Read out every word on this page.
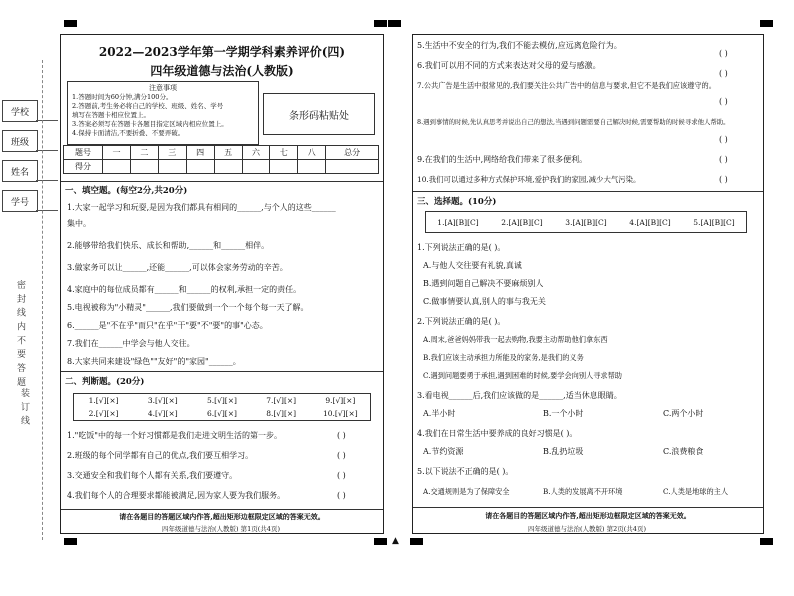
▲
学校
班级
姓名
学号
密 封 线 内 不 要 答 题
装 订 线
2022—2023学年第一学期学科素养评价(四)
四年级道德与法治(人教版)
注意事项
1.答题时间为60分钟,满分100分。
2.答题前,考生务必将自己的学校、班级、姓名、学号
填写在答题卡相应位置上。
3.答案必须写在答题卡各题目指定区域内相应位置上。
4.保持卡面清洁,不要折叠、不要弄破。
条形码粘贴处
题号	一	二	三	四	五	六	七	八	总分
得分									
一、填空题。(每空2分,共20分)
1.大家一起学习和玩耍,是因为我们都具有相同的______,与个人的这些______
集中。
2.能够带给我们快乐、成长和帮助,______和______相伴。
3.做家务可以让______,还能______,可以体会家务劳动的辛苦。
4.家庭中的每位成员都有______和______的权利,承担一定的责任。
5.电视被称为"小精灵"______,我们要做到一个一个每个每一天了解。
6.______是"不在乎"而只"在乎"干"要"不"要"的事"心态。
7.我们在______中学会与他人交往。
8.大家共同来建设"绿色""友好"的"家园"______。
二、判断题。(20分)
1.[√][×]	3.[√][×]	5.[√][×]	7.[√][×]	9.[√][×]
2.[√][×]	4.[√][×]	6.[√][×]	8.[√][×]	10.[√][×]
1."吃饭"中的每一个好习惯都是我们走进文明生活的第一步。	( )
2.班级的每个同学都有自己的优点,我们要互相学习。	( )
3.交通安全和我们每个人都有关系,我们要遵守。	( )
4.我们每个人的合理要求都能被满足,因为家人要为我们服务。	( )
请在各题目的答题区域内作答,超出矩形边框限定区域的答案无效。
四年级道德与法治(人教版) 第1页(共4页)
5.生活中不安全的行为,我们不能去模仿,应远离危险行为。
( )
6.我们可以用不同的方式来表达对父母的爱与感激。
( )
7.公共广告是生活中很常见的,我们要关注公共广告中的信息与要求,但它不是我们应该遵守的。
( )
8.遇到事情的时候,先认真思考并说出自己的想法,当遇到问题需要自己解决时候,需要帮助的时候寻求他人帮助。
( )
9.在我们的生活中,网络给我们带来了很多便利。	( )
10.我们可以通过多种方式保护环境,爱护我们的家园,减少大气污染。	( )
三、选择题。(10分)
1.[A][B][C]	2.[A][B][C]	3.[A][B][C]	4.[A][B][C]	5.[A][B][C]
1.下列说法正确的是( )。
A.与他人交往要有礼貌,真诚
B.遇到问题自己解决不要麻烦别人
C.做事情要认真,别人的事与我无关
2.下列说法正确的是( )。
A.周末,爸爸妈妈带我一起去购物,我要主动帮助他们拿东西
B.我们应该主动承担力所能及的家务,是我们的义务
C.遇到问题要勇于承担,遇到困难的时候,要学会向别人寻求帮助
3.看电视______后,我们应该做的是______,适当休息眼睛。
A.半小时	B.一个小时	C.两个小时
4.我们在日常生活中要养成的良好习惯是( )。
A.节约资源	B.乱扔垃圾	C.浪费粮食
5.以下说法不正确的是( )。
A.交通规则是为了保障安全	B.人类的发展离不开环境	C.人类是地球的主人
请在各题目的答题区域内作答,超出矩形边框限定区域的答案无效。
四年级道德与法治(人教版) 第2页(共4页)
